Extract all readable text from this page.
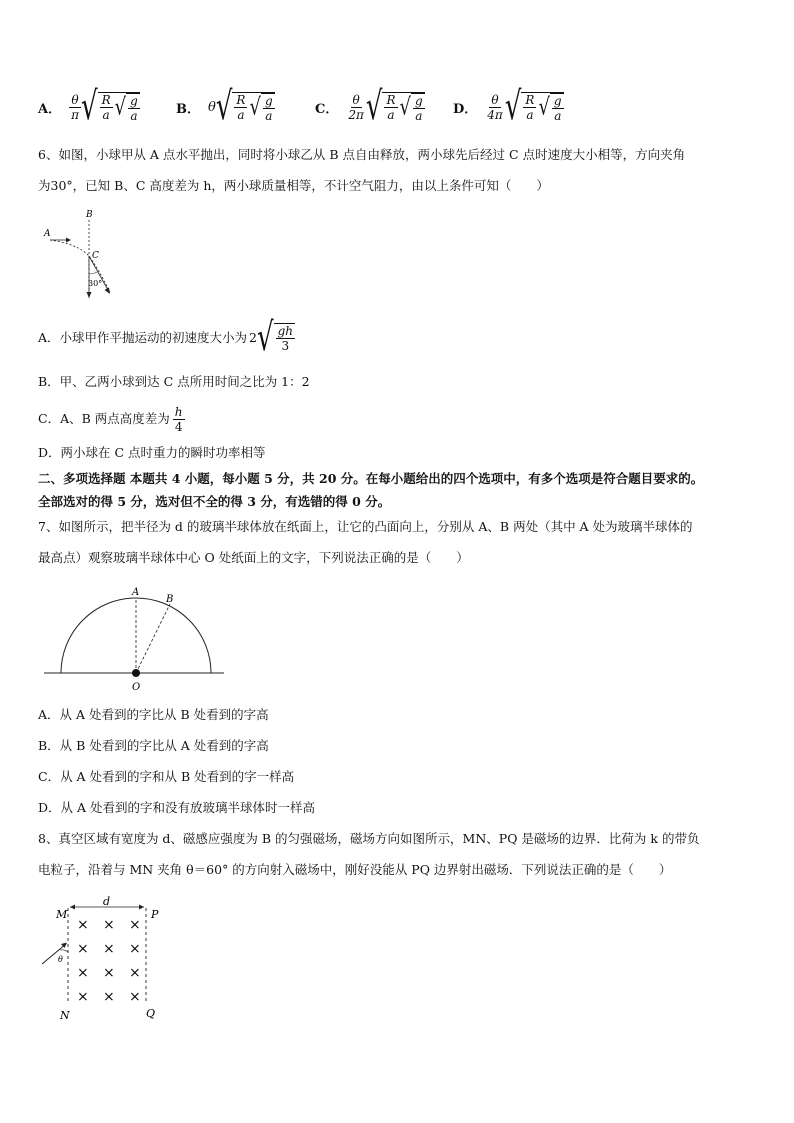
A． $\frac{\theta}{\pi}$ √ $\frac{R}{a}$ √ $\frac{g}{a}$	B． θ √ $\frac{R}{a}$ √ $\frac{g}{a}$	C． $\frac{\theta}{2\pi}$ √ $\frac{R}{a}$ √ $\frac{g}{a}$ D． $\frac{\theta}{4\pi}$ √ $\frac{R}{a}$ √ $\frac{g}{a}$
6、如图，小球甲从 A 点水平抛出，同时将小球乙从 B 点自由释放，两小球先后经过 C 点时速度大小相等，方向夹角
为30°，已知 B、C 高度差为 h，两小球质量相等，不计空气阻力，由以上条件可知（　　）
A
B
C
30°
A．小球甲作平抛运动的初速度大小为 2 √ $\frac{gh}{3}$
B．甲、乙两小球到达 C 点所用时间之比为 1：2
C．A、B 两点高度差为 $\frac{h}{4}$
D．两小球在 C 点时重力的瞬时功率相等
二、多项选择题 本题共 4 小题，每小题 5 分，共 20 分。在每小题给出的四个选项中，有多个选项是符合题目要求的。
全部选对的得 5 分，选对但不全的得 3 分，有选错的得 0 分。
7、如图所示，把半径为 d 的玻璃半球体放在纸面上，让它的凸面向上，分别从 A、B 两处（其中 A 处为玻璃半球体的
最高点）观察玻璃半球体中心 O 处纸面上的文字，下列说法正确的是（　　）
A
B
O
A．从 A 处看到的字比从 B 处看到的字高
B．从 B 处看到的字比从 A 处看到的字高
C．从 A 处看到的字和从 B 处看到的字一样高
D．从 A 处看到的字和没有放玻璃半球体时一样高
8、真空区域有宽度为 d、磁感应强度为 B 的匀强磁场，磁场方向如图所示，MN、PQ 是磁场的边界．比荷为 k 的带负
电粒子，沿着与 MN 夹角 θ＝60° 的方向射入磁场中，刚好没能从 PQ 边界射出磁场．下列说法正确的是（　　）
× × ×
× × ×
× × ×
× × ×
M
N
P
Q
d
θ
